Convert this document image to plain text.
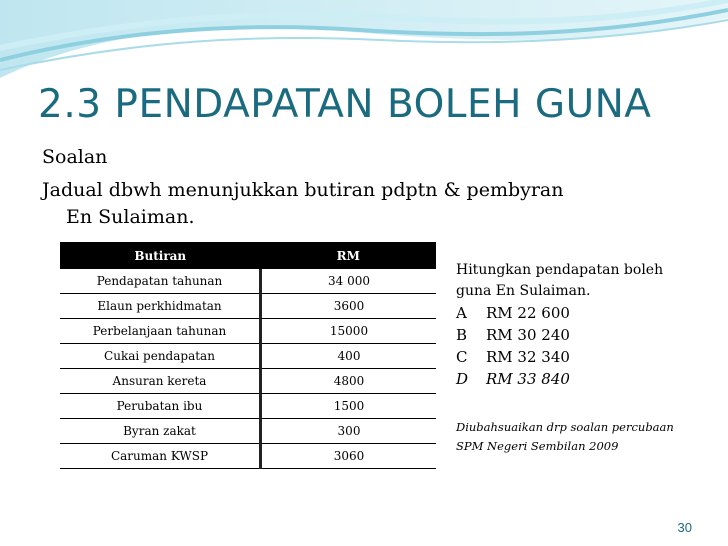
2.3 PENDAPATAN BOLEH GUNA
Soalan
Jadual dbwh menunjukkan butiran pdptn & pembyran
En Sulaiman.
Butiran	RM
Pendapatan tahunan	34 000
Elaun perkhidmatan	3600
Perbelanjaan tahunan	15000
Cukai pendapatan	400
Ansuran kereta	4800
Perubatan ibu	1500
Byran zakat	300
Caruman KWSP	3060
Hitungkan pendapatan boleh
guna En Sulaiman.
A RM 22 600
B RM 30 240
C RM 32 340
D RM 33 840
Diubahsuaikan drp soalan percubaan
SPM Negeri Sembilan 2009
30
